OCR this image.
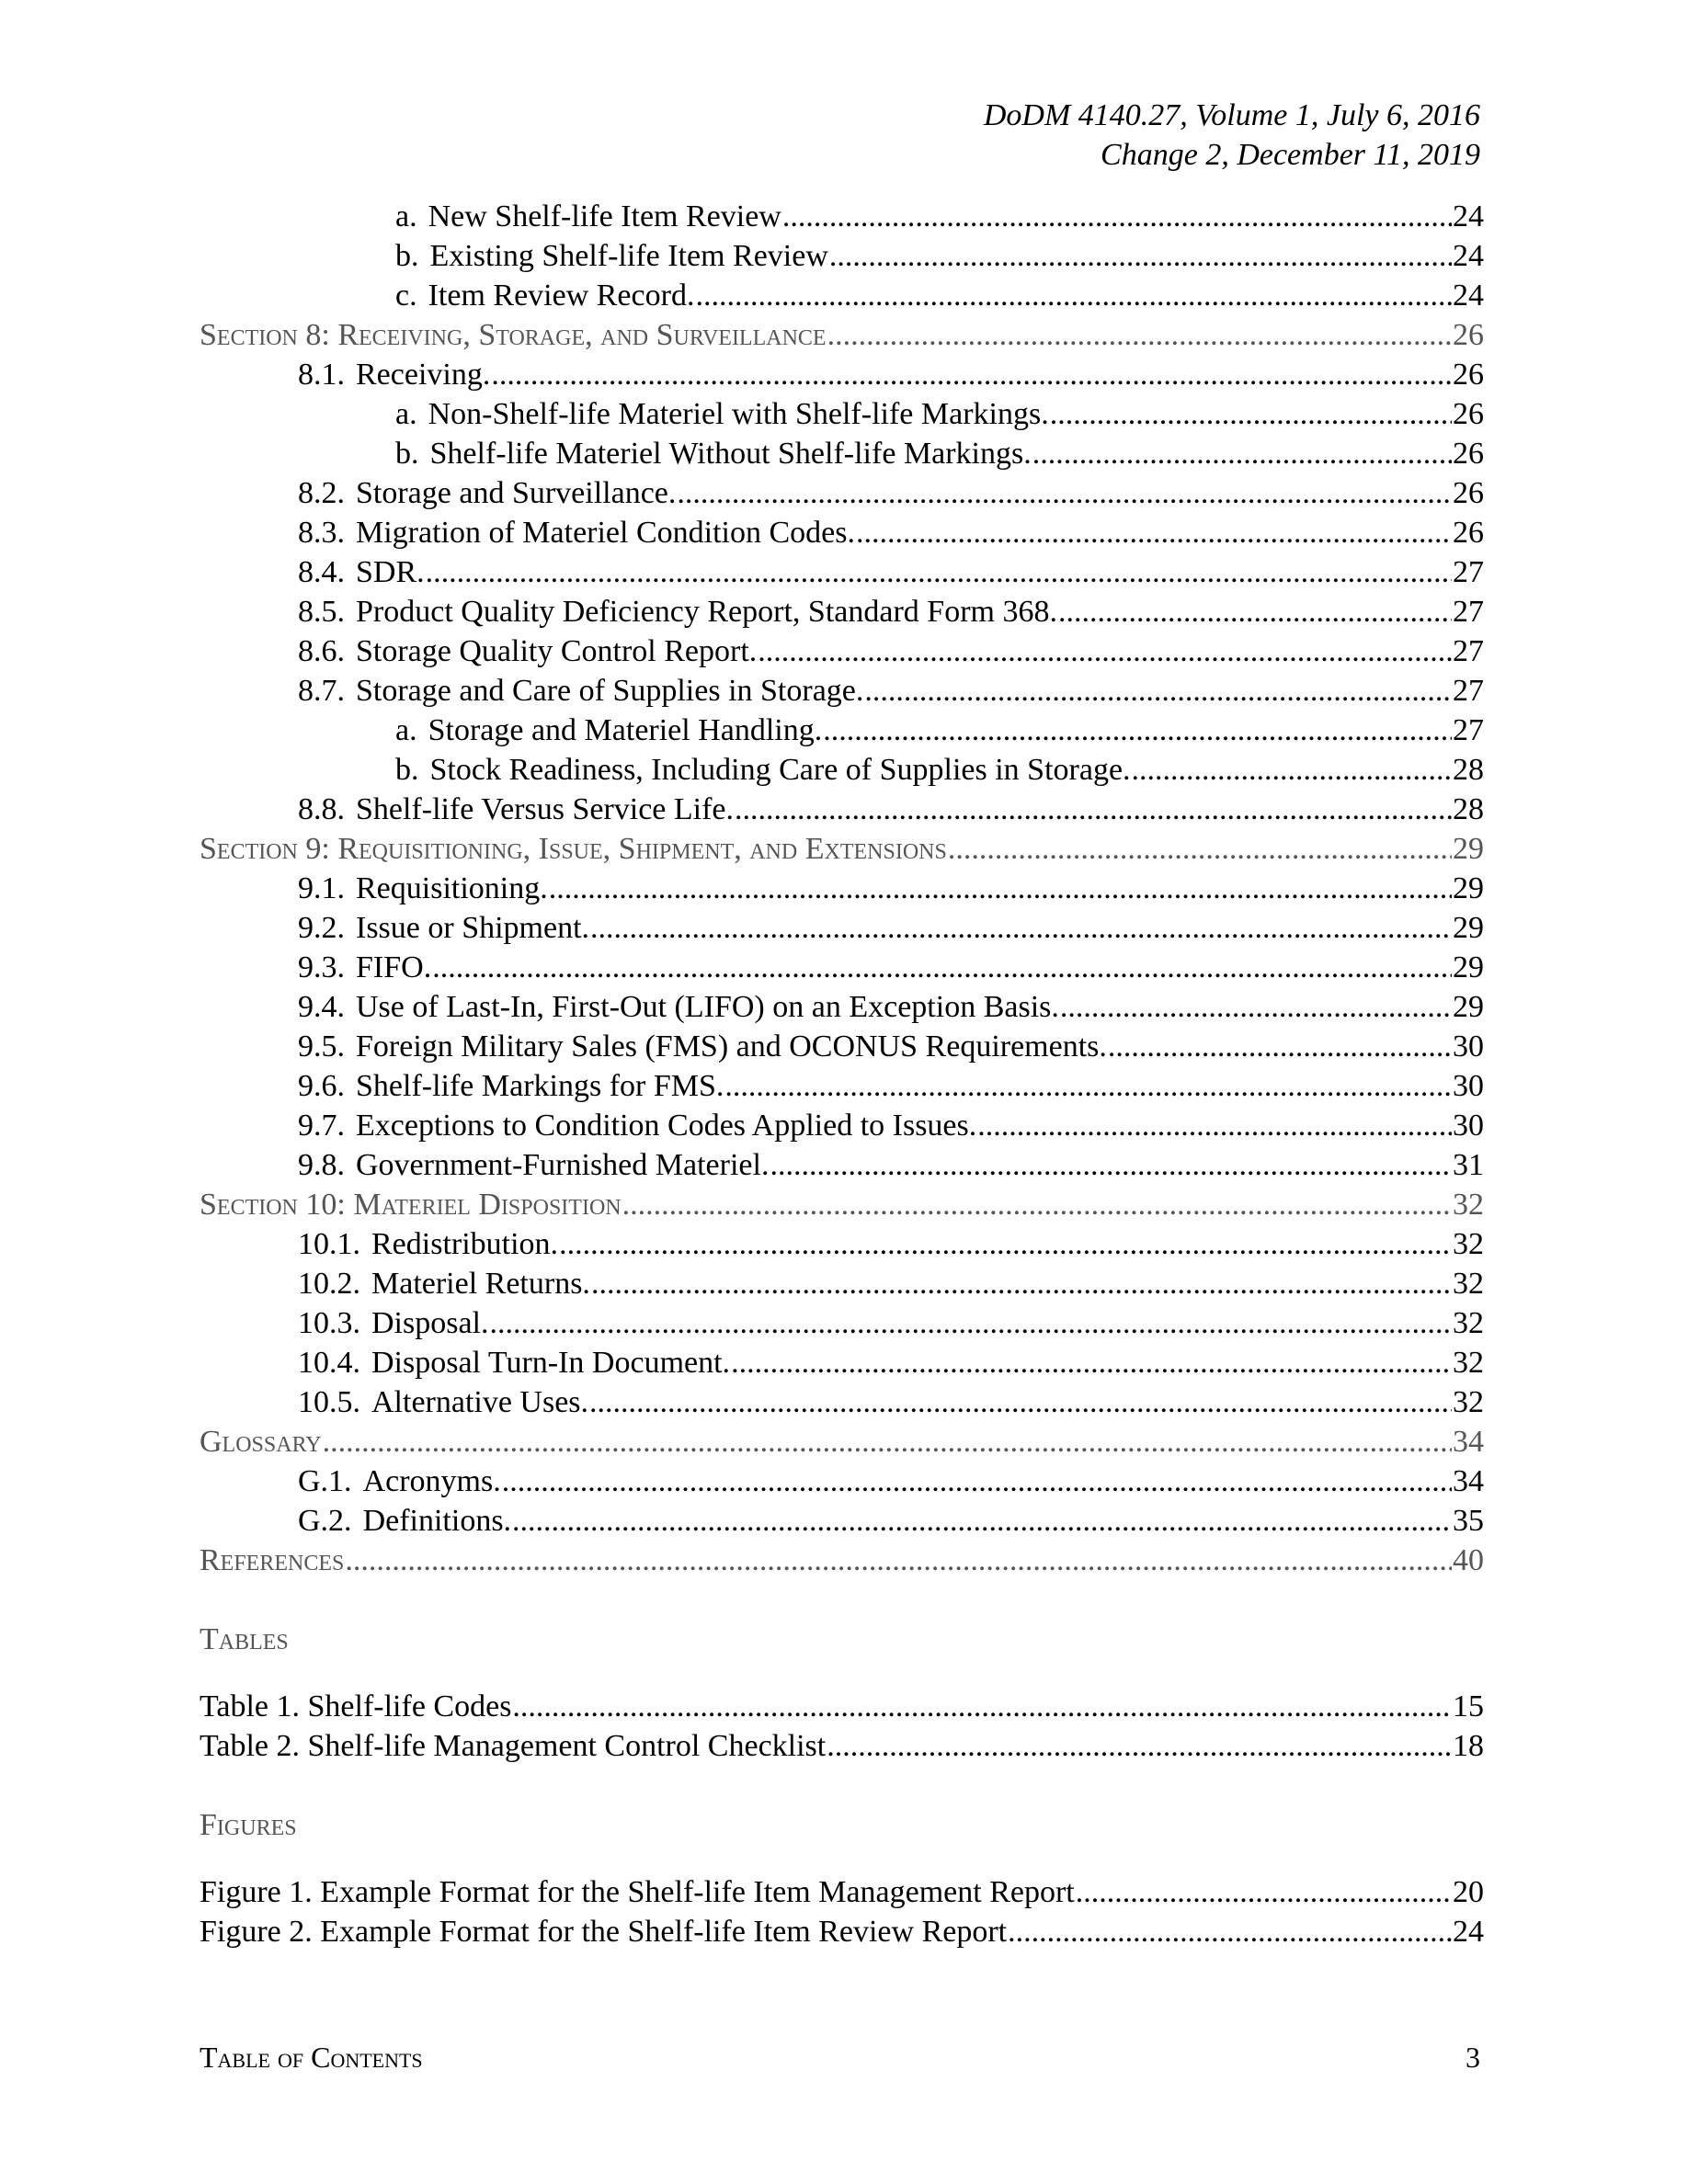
DoDM 4140.27, Volume 1, July 6, 2016
Change 2, December 11, 2019
a. New Shelf-life Item Review .....	24
b. Existing Shelf-life Item Review .....	24
c. Item Review Record. .....	24
Section 8: Receiving, Storage, and Surveillance .....	26
8.1. Receiving. .....	26
a. Non-Shelf-life Materiel with Shelf-life Markings. .....	26
b. Shelf-life Materiel Without Shelf-life Markings. .....	26
8.2. Storage and Surveillance. .....	26
8.3. Migration of Materiel Condition Codes. .....	26
8.4. SDR. .....	27
8.5. Product Quality Deficiency Report, Standard Form 368. .....	27
8.6. Storage Quality Control Report. .....	27
8.7. Storage and Care of Supplies in Storage. .....	27
a. Storage and Materiel Handling. .....	27
b. Stock Readiness, Including Care of Supplies in Storage. .....	28
8.8. Shelf-life Versus Service Life. .....	28
Section 9: Requisitioning, Issue, Shipment, and Extensions .....	29
9.1. Requisitioning. .....	29
9.2. Issue or Shipment. .....	29
9.3. FIFO. .....	29
9.4. Use of Last-In, First-Out (LIFO) on an Exception Basis. .....	29
9.5. Foreign Military Sales (FMS) and OCONUS Requirements. .....	30
9.6. Shelf-life Markings for FMS. .....	30
9.7. Exceptions to Condition Codes Applied to Issues. .....	30
9.8. Government-Furnished Materiel. .....	31
Section 10: Materiel Disposition .....	32
10.1. Redistribution. .....	32
10.2. Materiel Returns. .....	32
10.3. Disposal. .....	32
10.4. Disposal Turn-In Document. .....	32
10.5. Alternative Uses. .....	32
Glossary .....	34
G.1. Acronyms. .....	34
G.2. Definitions. .....	35
References .....	40
Tables
Table 1. Shelf-life Codes .....	15
Table 2. Shelf-life Management Control Checklist .....	18
Figures
Figure 1. Example Format for the Shelf-life Item Management Report .....	20
Figure 2. Example Format for the Shelf-life Item Review Report .....	24
Table of Contents	3
